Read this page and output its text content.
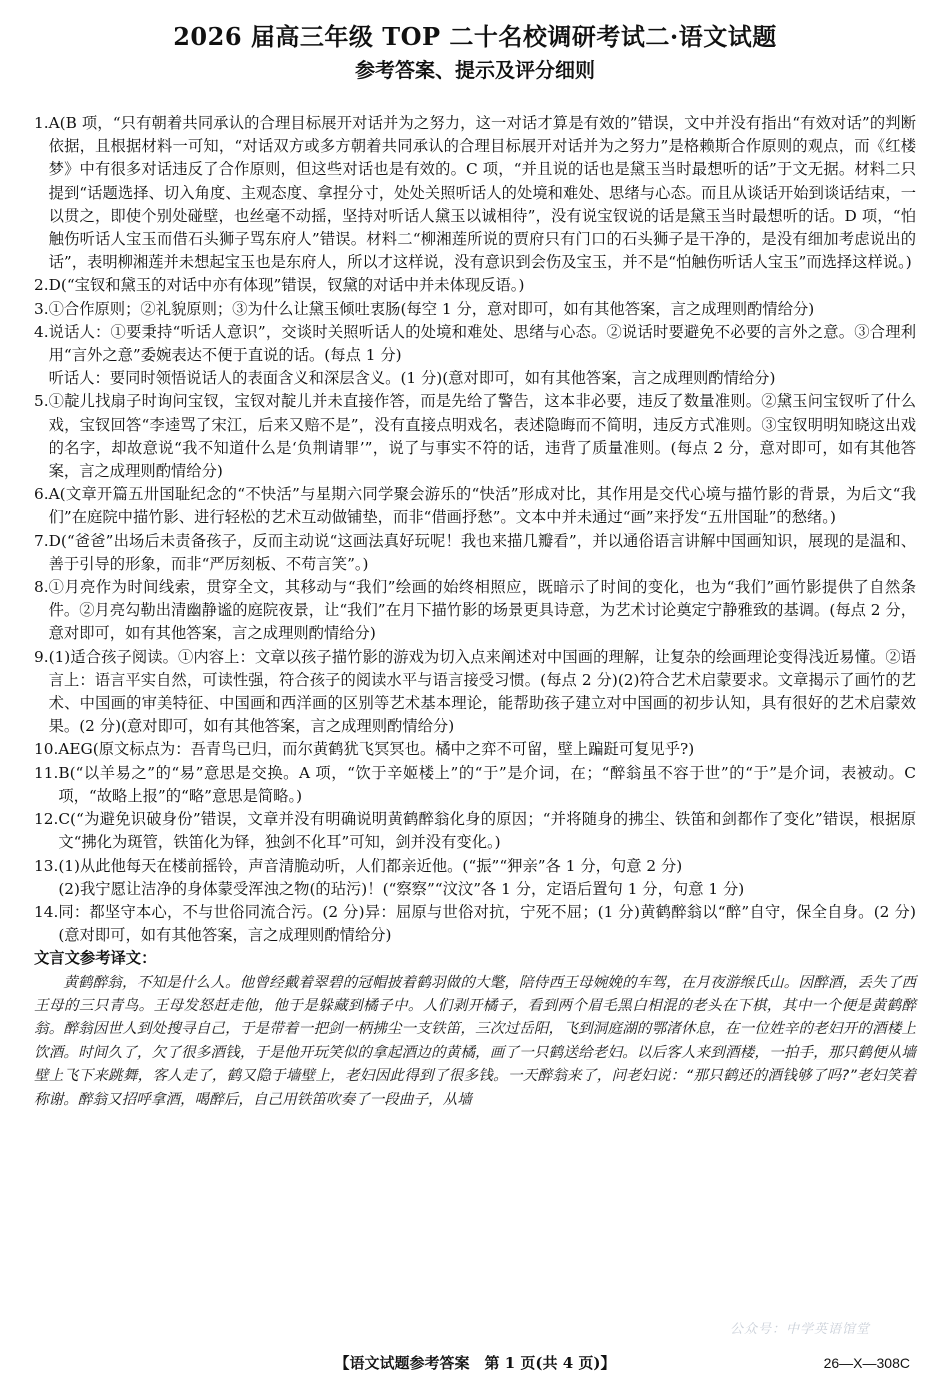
2026 届高三年级 TOP 二十名校调研考试二·语文试题
参考答案、提示及评分细则
1. A(B 项，“只有朝着共同承认的合理目标展开对话并为之努力，这一对话才算是有效的”错误，文中并没有指出“有效对话”的判断依据，且根据材料一可知，“对话双方或多方朝着共同承认的合理目标展开对话并为之努力”是格赖斯合作原则的观点，而《红楼梦》中有很多对话违反了合作原则，但这些对话也是有效的。C 项，“并且说的话也是黛玉当时最想听的话”于文无据。材料二只提到“话题选择、切入角度、主观态度、拿捏分寸，处处关照听话人的处境和难处、思绪与心态。而且从谈话开始到谈话结束，一以贯之，即使个别处碰壁，也丝毫不动摇，坚持对听话人黛玉以诚相待”，没有说宝钗说的话是黛玉当时最想听的话。D 项，“怕触伤听话人宝玉而借石头狮子骂东府人”错误。材料二“柳湘莲所说的贾府只有门口的石头狮子是干净的，是没有细加考虑说出的话”，表明柳湘莲并未想起宝玉也是东府人，所以才这样说，没有意识到会伤及宝玉，并不是“怕触伤听话人宝玉”而选择这样说。)

2. D(“宝钗和黛玉的对话中亦有体现”错误，钗黛的对话中并未体现反语。)

3. ①合作原则；②礼貌原则；③为什么让黛玉倾吐衷肠(每空 1 分，意对即可，如有其他答案，言之成理则酌情给分)

4. 说话人：①要秉持“听话人意识”，交谈时关照听话人的处境和难处、思绪与心态。②说话时要避免不必要的言外之意。③合理利用“言外之意”委婉表达不便于直说的话。(每点 1 分)

听话人：要同时领悟说话人的表面含义和深层含义。(1 分)(意对即可，如有其他答案，言之成理则酌情给分)

5. ①靛儿找扇子时询问宝钗，宝钗对靛儿并未直接作答，而是先给了警告，这本非必要，违反了数量准则。②黛玉问宝钗听了什么戏，宝钗回答“李逵骂了宋江，后来又赔不是”，没有直接点明戏名，表述隐晦而不简明，违反方式准则。③宝钗明明知晓这出戏的名字，却故意说“我不知道什么是‘负荆请罪’”，说了与事实不符的话，违背了质量准则。(每点 2 分，意对即可，如有其他答案，言之成理则酌情给分)

6. A(文章开篇五卅国耻纪念的“不快活”与星期六同学聚会游乐的“快活”形成对比，其作用是交代心境与描竹影的背景，为后文“我们”在庭院中描竹影、进行轻松的艺术互动做铺垫，而非“借画抒愁”。文本中并未通过“画”来抒发“五卅国耻”的愁绪。)

7. D(“爸爸”出场后未责备孩子，反而主动说“这画法真好玩呢！我也来描几瓣看”，并以通俗语言讲解中国画知识，展现的是温和、善于引导的形象，而非“严厉刻板、不苟言笑”。)

8. ①月亮作为时间线索，贯穿全文，其移动与“我们”绘画的始终相照应，既暗示了时间的变化，也为“我们”画竹影提供了自然条件。②月亮勾勒出清幽静谧的庭院夜景，让“我们”在月下描竹影的场景更具诗意，为艺术讨论奠定宁静雅致的基调。(每点 2 分，意对即可，如有其他答案，言之成理则酌情给分)

9. (1)适合孩子阅读。①内容上：文章以孩子描竹影的游戏为切入点来阐述对中国画的理解，让复杂的绘画理论变得浅近易懂。②语言上：语言平实自然，可读性强，符合孩子的阅读水平与语言接受习惯。(每点 2 分)(2)符合艺术启蒙要求。文章揭示了画竹的艺术、中国画的审美特征、中国画和西洋画的区别等艺术基本理论，能帮助孩子建立对中国画的初步认知，具有很好的艺术启蒙效果。(2 分)(意对即可，如有其他答案，言之成理则酌情给分)

10. AEG(原文标点为：吾青鸟已归，而尔黄鹤犹飞冥冥也。橘中之弈不可留，壁上蹁跹可复见乎?)

11. B(“以羊易之”的“易”意思是交换。A 项，“饮于辛姬楼上”的“于”是介词，在；“醉翁虽不容于世”的“于”是介词，表被动。C 项，“故略上报”的“略”意思是简略。)

12. C(“为避免识破身份”错误，文章并没有明确说明黄鹤醉翁化身的原因；“并将随身的拂尘、铁笛和剑都作了变化”错误，根据原文“拂化为斑管，铁笛化为铎，独剑不化耳”可知，剑并没有变化。)

13. (1)从此他每天在楼前摇铃，声音清脆动听，人们都亲近他。(“振”“狎亲”各 1 分，句意 2 分)

(2)我宁愿让洁净的身体蒙受浑浊之物(的玷污)！(“察察”“汶汶”各 1 分，定语后置句 1 分，句意 1 分)

14. 同：都坚守本心，不与世俗同流合污。(2 分)异：屈原与世俗对抗，宁死不屈；(1 分)黄鹤醉翁以“醉”自守，保全自身。(2 分)(意对即可，如有其他答案，言之成理则酌情给分)

文言文参考译文：

黄鹤醉翁，不知是什么人。他曾经戴着翠碧的冠帽披着鹤羽做的大氅，陪侍西王母婉娩的车驾，在月夜游缑氏山。因醉酒，丢失了西王母的三只青鸟。王母发怒赶走他，他于是躲藏到橘子中。人们剥开橘子，看到两个眉毛黑白相混的老头在下棋，其中一个便是黄鹤醉翁。醉翁因世人到处搜寻自己，于是带着一把剑一柄拂尘一支铁笛，三次过岳阳，飞到洞庭湖的鄂渚休息，在一位姓辛的老妇开的酒楼上饮酒。时间久了，欠了很多酒钱，于是他开玩笑似的拿起酒边的黄橘，画了一只鹤送给老妇。以后客人来到酒楼，一拍手，那只鹤便从墙壁上飞下来跳舞，客人走了，鹤又隐于墙壁上，老妇因此得到了很多钱。一天醉翁来了，问老妇说：“那只鹤还的酒钱够了吗?”老妇笑着称谢。醉翁又招呼拿酒，喝醉后，自己用铁笛吹奏了一段曲子，从墙

公众号：中学英语馆堂
【语文试题参考答案　第 1 页(共 4 页)】	26—X—308C
